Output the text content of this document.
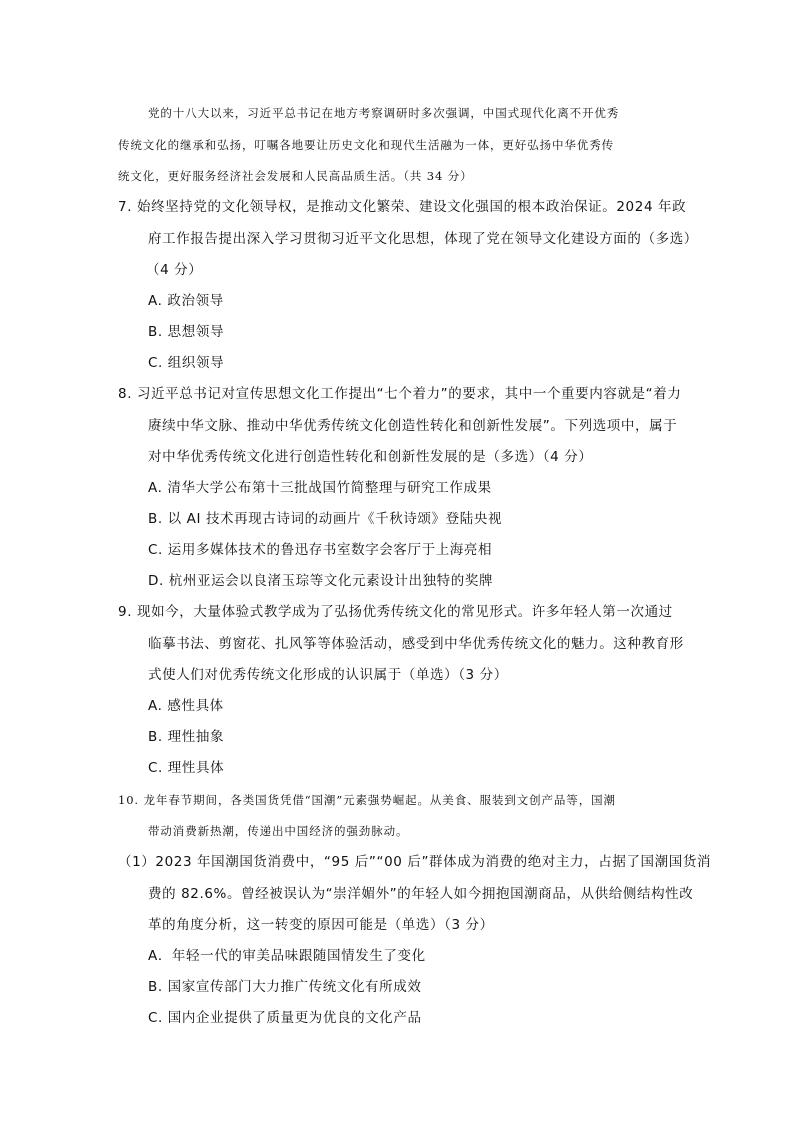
党的十八大以来，习近平总书记在地方考察调研时多次强调，中国式现代化离不开优秀
传统文化的继承和弘扬，叮嘱各地要让历史文化和现代生活融为一体，更好弘扬中华优秀传
统文化，更好服务经济社会发展和人民高品质生活。（共 34 分）
7. 始终坚持党的文化领导权，是推动文化繁荣、建设文化强国的根本政治保证。2024 年政
府工作报告提出深入学习贯彻习近平文化思想，体现了党在领导文化建设方面的（多选）
（4 分）
A. 政治领导
B. 思想领导
C. 组织领导
8. 习近平总书记对宣传思想文化工作提出“七个着力”的要求，其中一个重要内容就是“着力
赓续中华文脉、推动中华优秀传统文化创造性转化和创新性发展”。下列选项中，属于
对中华优秀传统文化进行创造性转化和创新性发展的是（多选）（4 分）
A. 清华大学公布第十三批战国竹简整理与研究工作成果
B. 以 AI 技术再现古诗词的动画片《千秋诗颂》登陆央视
C. 运用多媒体技术的鲁迅存书室数字会客厅于上海亮相
D. 杭州亚运会以良渚玉琮等文化元素设计出独特的奖牌
9. 现如今，大量体验式教学成为了弘扬优秀传统文化的常见形式。许多年轻人第一次通过
临摹书法、剪窗花、扎风筝等体验活动，感受到中华优秀传统文化的魅力。这种教育形
式使人们对优秀传统文化形成的认识属于（单选）（3 分）
A. 感性具体
B. 理性抽象
C. 理性具体
10. 龙年春节期间，各类国货凭借“国潮”元素强势崛起。从美食、服装到文创产品等，国潮
带动消费新热潮，传递出中国经济的强劲脉动。
（1）2023 年国潮国货消费中，“95 后”“00 后”群体成为消费的绝对主力，占据了国潮国货消
费的 82.6%。曾经被误认为“崇洋媚外”的年轻人如今拥抱国潮商品，从供给侧结构性改
革的角度分析，这一转变的原因可能是（单选）（3 分）
A．年轻一代的审美品味跟随国情发生了变化
B. 国家宣传部门大力推广传统文化有所成效
C. 国内企业提供了质量更为优良的文化产品
